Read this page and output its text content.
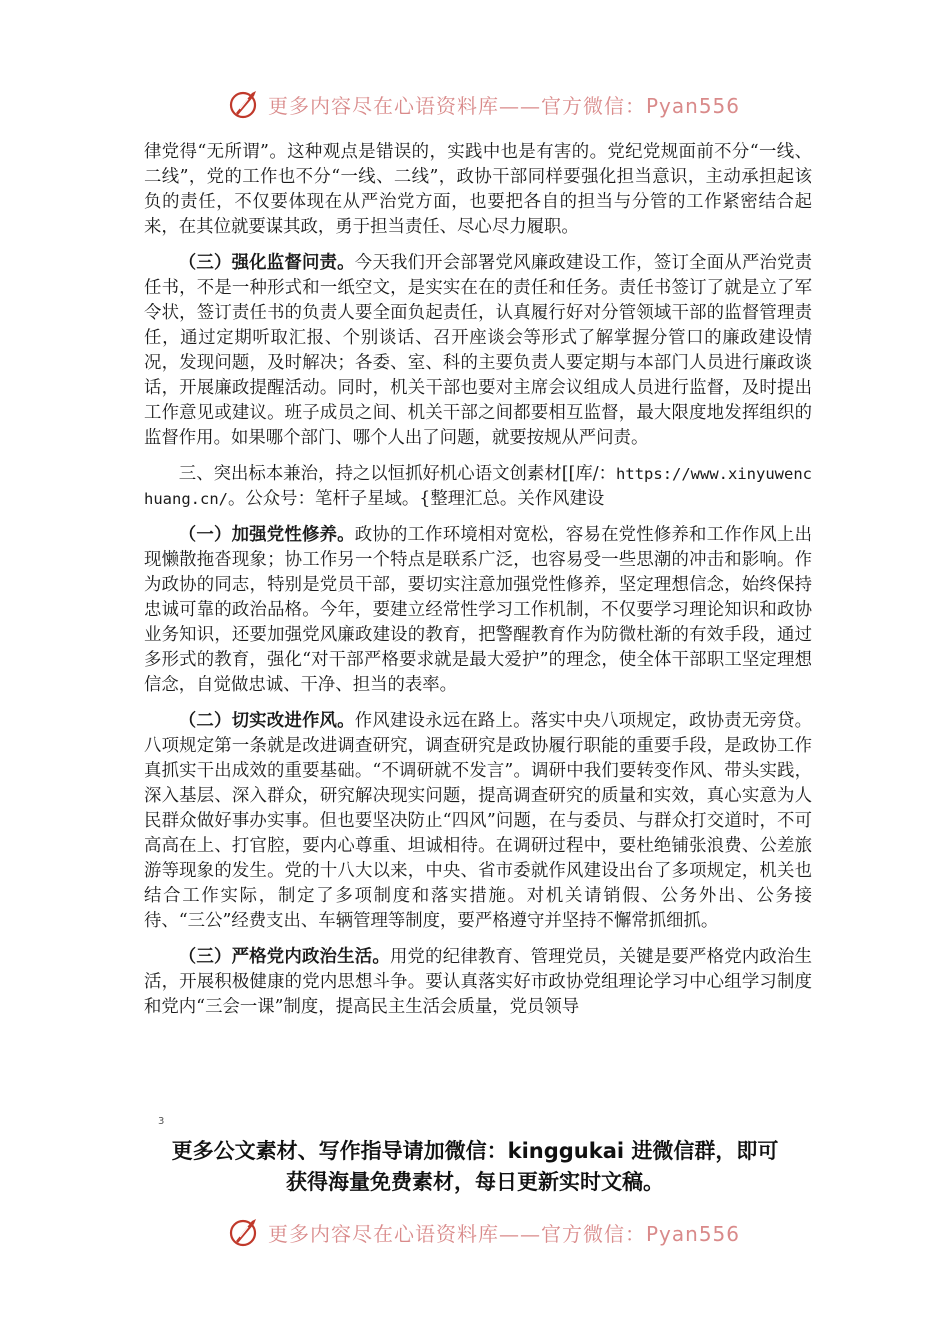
更多内容尽在心语资料库——官方微信：Pyan556

律党得“无所谓”。这种观点是错误的，实践中也是有害的。党纪党规面前不分“一线、二线”，党的工作也不分“一线、二线”，政协干部同样要强化担当意识，主动承担起该负的责任，不仅要体现在从严治党方面，也要把各自的担当与分管的工作紧密结合起来，在其位就要谋其政，勇于担当责任、尽心尽力履职。

（三）强化监督问责。今天我们开会部署党风廉政建设工作，签订全面从严治党责任书，不是一种形式和一纸空文，是实实在在的责任和任务。责任书签订了就是立了军令状，签订责任书的负责人要全面负起责任，认真履行好对分管领域干部的监督管理责任，通过定期听取汇报、个别谈话、召开座谈会等形式了解掌握分管口的廉政建设情况，发现问题，及时解决；各委、室、科的主要负责人要定期与本部门人员进行廉政谈话，开展廉政提醒活动。同时，机关干部也要对主席会议组成人员进行监督，及时提出工作意见或建议。班子成员之间、机关干部之间都要相互监督，最大限度地发挥组织的监督作用。如果哪个部门、哪个人出了问题，就要按规从严问责。

三、突出标本兼治，持之以恒抓好机心语文创素材[[库/：https://www.xinyuwenchuang.cn/。公众号：笔杆子星域。{整理汇总。关作风建设

（一）加强党性修养。政协的工作环境相对宽松，容易在党性修养和工作作风上出现懒散拖沓现象；协工作另一个特点是联系广泛，也容易受一些思潮的冲击和影响。作为政协的同志，特别是党员干部，要切实注意加强党性修养，坚定理想信念，始终保持忠诚可靠的政治品格。今年，要建立经常性学习工作机制，不仅要学习理论知识和政协业务知识，还要加强党风廉政建设的教育，把警醒教育作为防微杜渐的有效手段，通过多形式的教育，强化“对干部严格要求就是最大爱护”的理念，使全体干部职工坚定理想信念，自觉做忠诚、干净、担当的表率。

（二）切实改进作风。作风建设永远在路上。落实中央八项规定，政协责无旁贷。八项规定第一条就是改进调查研究，调查研究是政协履行职能的重要手段，是政协工作真抓实干出成效的重要基础。“不调研就不发言”。调研中我们要转变作风、带头实践，深入基层、深入群众，研究解决现实问题，提高调查研究的质量和实效，真心实意为人民群众做好事办实事。但也要坚决防止“四风”问题，在与委员、与群众打交道时，不可高高在上、打官腔，要内心尊重、坦诚相待。在调研过程中，要杜绝铺张浪费、公差旅游等现象的发生。党的十八大以来，中央、省市委就作风建设出台了多项规定，机关也结合工作实际，制定了多项制度和落实措施。对机关请销假、公务外出、公务接待、“三公”经费支出、车辆管理等制度，要严格遵守并坚持不懈常抓细抓。

（三）严格党内政治生活。用党的纪律教育、管理党员，关键是要严格党内政治生活，开展积极健康的党内思想斗争。要认真落实好市政协党组理论学习中心组学习制度和党内“三会一课”制度，提高民主生活会质量，党员领导

3
更多公文素材、写作指导请加微信：kinggukai 进微信群，即可
获得海量免费素材，每日更新实时文稿。
更多内容尽在心语资料库——官方微信：Pyan556
